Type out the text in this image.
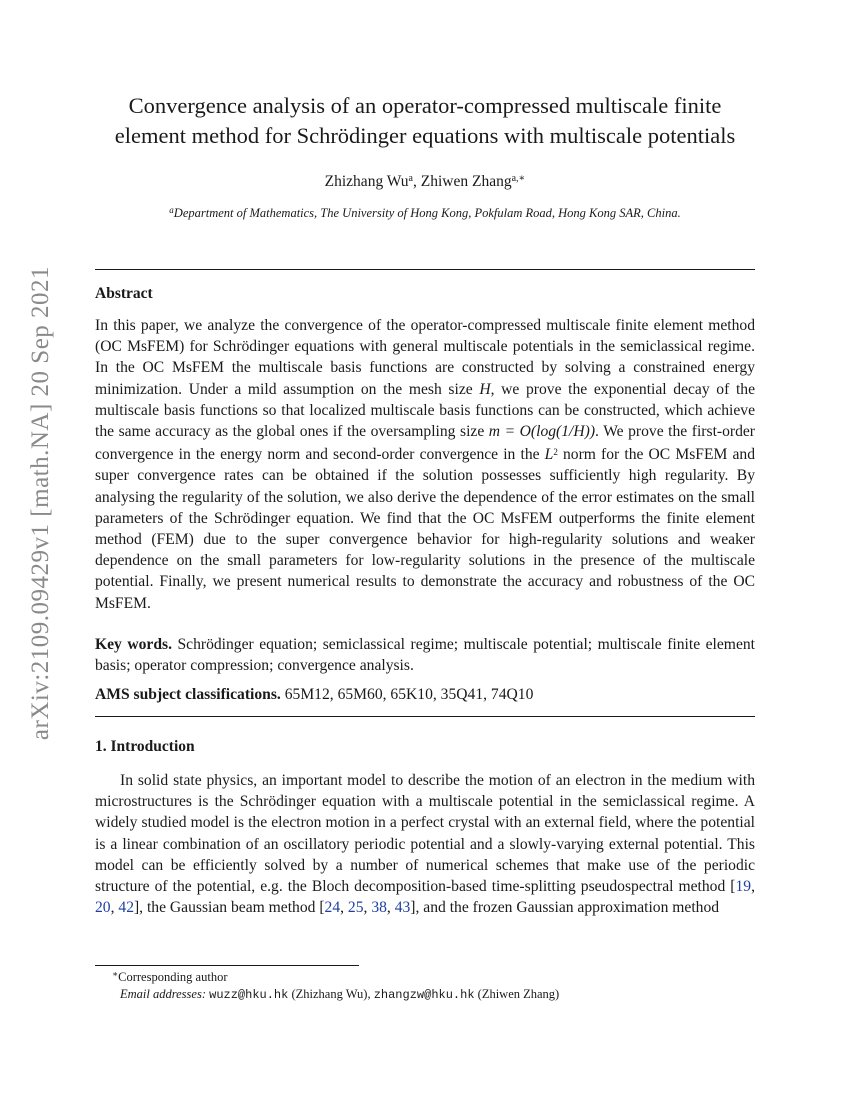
arXiv:2109.09429v1 [math.NA] 20 Sep 2021
Convergence analysis of an operator-compressed multiscale finite
element method for Schrödinger equations with multiscale potentials
Zhizhang Wu$^a$, Zhiwen Zhang$^{a,∗}$
$^a$Department of Mathematics, The University of Hong Kong, Pokfulam Road, Hong Kong SAR, China.
Abstract
In this paper, we analyze the convergence of the operator-compressed multiscale finite element method (OC MsFEM) for Schrödinger equations with general multiscale potentials in the semiclassical regime. In the OC MsFEM the multiscale basis functions are constructed by solving a constrained energy minimization. Under a mild assumption on the mesh size H, we prove the exponential decay of the multiscale basis functions so that localized multiscale basis functions can be constructed, which achieve the same accuracy as the global ones if the oversampling size m = O(log(1/H)). We prove the first-order convergence in the energy norm and second-order convergence in the $L^2$ norm for the OC MsFEM and super convergence rates can be obtained if the solution possesses sufficiently high regularity. By analysing the regularity of the solution, we also derive the dependence of the error estimates on the small parameters of the Schrödinger equation. We find that the OC MsFEM outperforms the finite element method (FEM) due to the super convergence behavior for high-regularity solutions and weaker dependence on the small parameters for low-regularity solutions in the presence of the multiscale potential. Finally, we present numerical results to demonstrate the accuracy and robustness of the OC MsFEM.
Key words. Schrödinger equation; semiclassical regime; multiscale potential; multiscale finite element basis; operator compression; convergence analysis.
AMS subject classifications. 65M12, 65M60, 65K10, 35Q41, 74Q10
1. Introduction
In solid state physics, an important model to describe the motion of an electron in the medium with microstructures is the Schrödinger equation with a multiscale potential in the semiclassical regime. A widely studied model is the electron motion in a perfect crystal with an external field, where the potential is a linear combination of an oscillatory periodic potential and a slowly-varying external potential. This model can be efficiently solved by a number of numerical schemes that make use of the periodic structure of the potential, e.g. the Bloch decomposition-based time-splitting pseudospectral method [19, 20, 42], the Gaussian beam method [24, 25, 38, 43], and the frozen Gaussian approximation method
∗Corresponding author
Email addresses: wuzz@hku.hk (Zhizhang Wu), zhangzw@hku.hk (Zhiwen Zhang)
